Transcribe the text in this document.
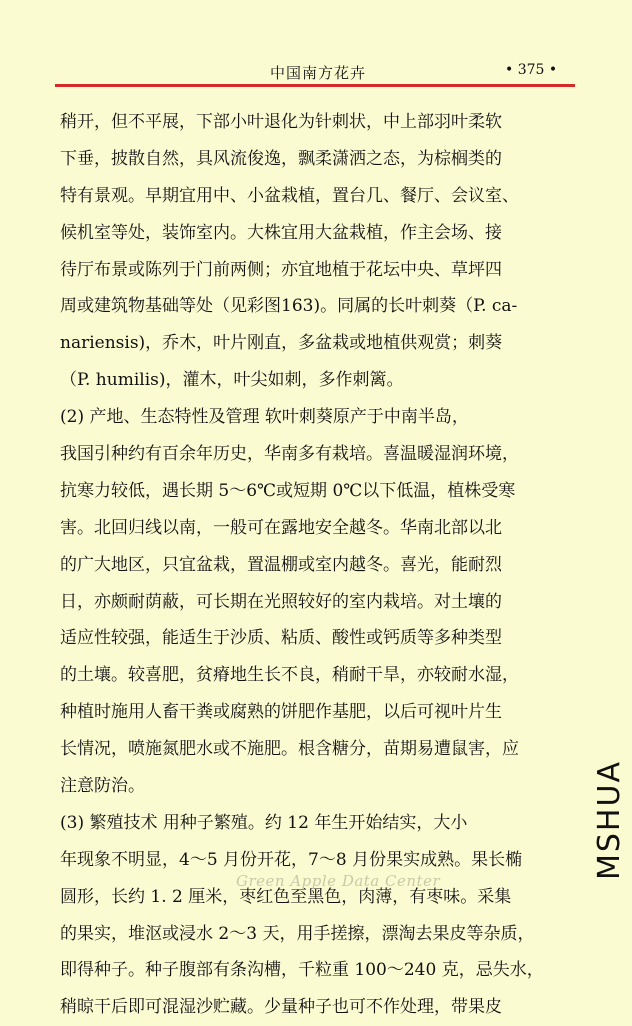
中国南方花卉	• 375 •
稍开，但不平展，下部小叶退化为针刺状，中上部羽叶柔软
下垂，披散自然，具风流俊逸，飘柔潇洒之态，为棕榈类的
特有景观。早期宜用中、小盆栽植，置台几、餐厅、会议室、
候机室等处，装饰室内。大株宜用大盆栽植，作主会场、接
待厅布景或陈列于门前两侧；亦宜地植于花坛中央、草坪四
周或建筑物基础等处（见彩图163)。同属的长叶刺葵（P. ca-
nariensis)，乔木，叶片刚直，多盆栽或地植供观赏；刺葵
（P. humilis)，灌木，叶尖如刺，多作刺篱。
(2) 产地、生态特性及管理 软叶刺葵原产于中南半岛，
我国引种约有百余年历史，华南多有栽培。喜温暖湿润环境，
抗寒力较低，遇长期 5～6℃或短期 0℃以下低温，植株受寒
害。北回归线以南，一般可在露地安全越冬。华南北部以北
的广大地区，只宜盆栽，置温棚或室内越冬。喜光，能耐烈
日，亦颇耐荫蔽，可长期在光照较好的室内栽培。对土壤的
适应性较强，能适生于沙质、粘质、酸性或钙质等多种类型
的土壤。较喜肥，贫瘠地生长不良，稍耐干旱，亦较耐水湿，
种植时施用人畜干粪或腐熟的饼肥作基肥，以后可视叶片生
长情况，喷施氮肥水或不施肥。根含糖分，苗期易遭鼠害，应
注意防治。
(3) 繁殖技术 用种子繁殖。约 12 年生开始结实，大小
年现象不明显，4～5 月份开花，7～8 月份果实成熟。果长椭
圆形，长约 1. 2 厘米，枣红色至黑色，肉薄，有枣味。采集
的果实，堆沤或浸水 2～3 天，用手搓擦，漂淘去果皮等杂质，
即得种子。种子腹部有条沟槽，千粒重 100～240 克，忌失水，
稍晾干后即可混湿沙贮藏。少量种子也可不作处理，带果皮
Green Apple Data Center
MSHUA
